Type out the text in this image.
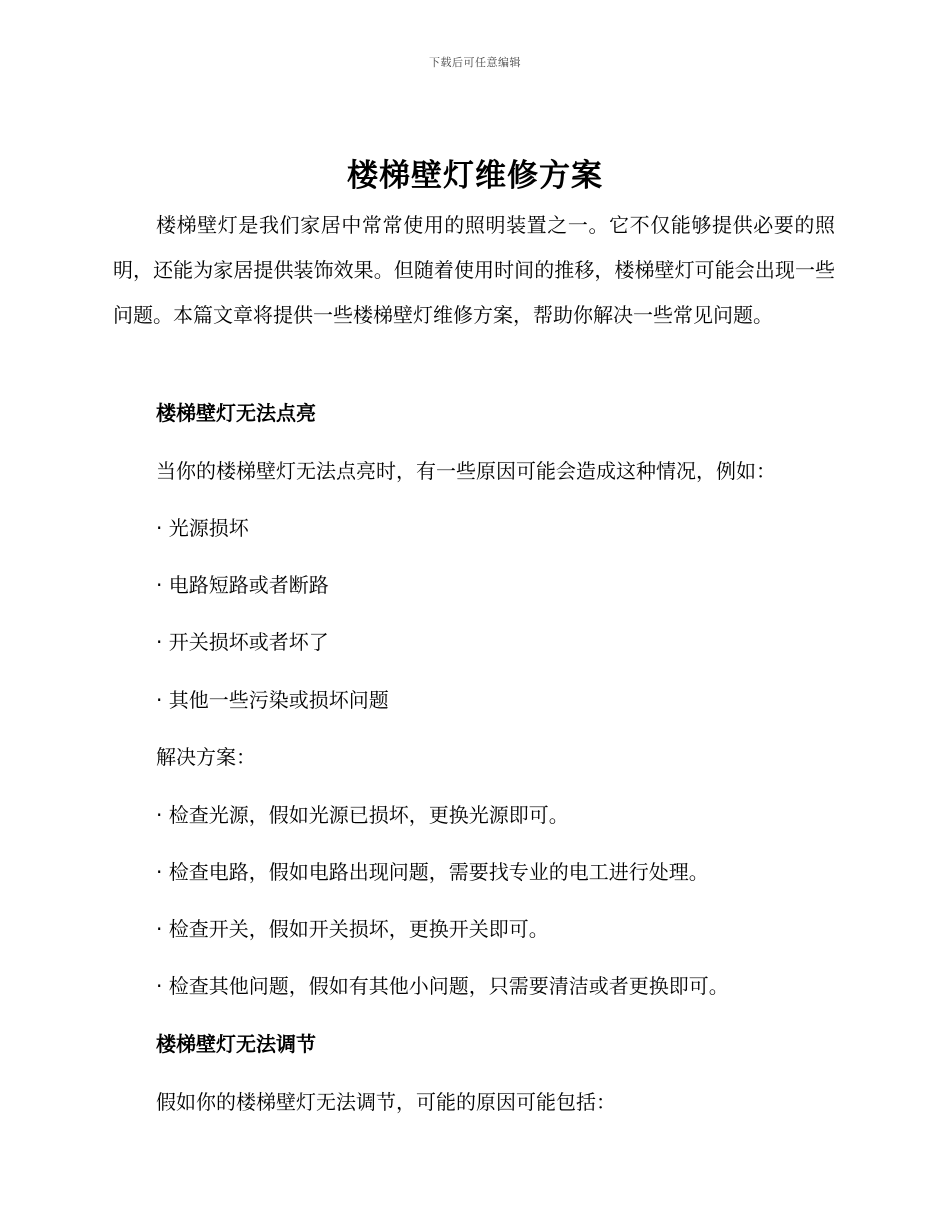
下载后可任意编辑
楼梯壁灯维修方案

楼梯壁灯是我们家居中常常使用的照明装置之一。它不仅能够提供必要的照明，还能为家居提供装饰效果。但随着使用时间的推移，楼梯壁灯可能会出现一些问题。本篇文章将提供一些楼梯壁灯维修方案，帮助你解决一些常见问题。

楼梯壁灯无法点亮

当你的楼梯壁灯无法点亮时，有一些原因可能会造成这种情况，例如：

· 光源损坏

· 电路短路或者断路

· 开关损坏或者坏了

· 其他一些污染或损坏问题

解决方案：

· 检查光源，假如光源已损坏，更换光源即可。

· 检查电路，假如电路出现问题，需要找专业的电工进行处理。

· 检查开关，假如开关损坏，更换开关即可。

· 检查其他问题，假如有其他小问题，只需要清洁或者更换即可。

楼梯壁灯无法调节

假如你的楼梯壁灯无法调节，可能的原因可能包括：
